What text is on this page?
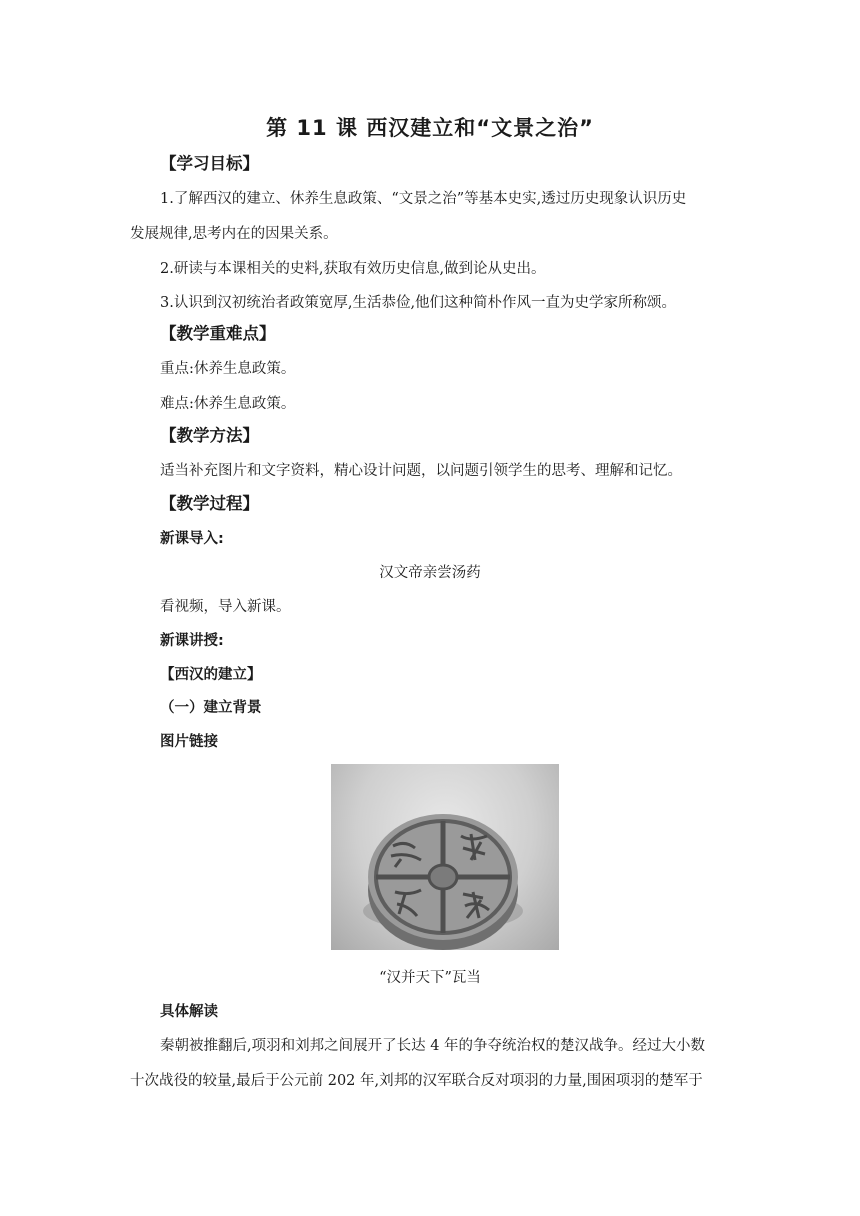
第 11 课 西汉建立和“文景之治”
【学习目标】
1.了解西汉的建立、休养生息政策、“文景之治”等基本史实,透过历史现象认识历史
发展规律,思考内在的因果关系。
2.研读与本课相关的史料,获取有效历史信息,做到论从史出。
3.认识到汉初统治者政策宽厚,生活恭俭,他们这种简朴作风一直为史学家所称颂。
【教学重难点】
重点:休养生息政策。
难点:休养生息政策。
【教学方法】
适当补充图片和文字资料，精心设计问题，以问题引领学生的思考、理解和记忆。
【教学过程】
新课导入:
汉文帝亲尝汤药
看视频，导入新课。
新课讲授:
【西汉的建立】
（一）建立背景
图片链接
“汉并天下”瓦当
具体解读
秦朝被推翻后,项羽和刘邦之间展开了长达 4 年的争夺统治权的楚汉战争。经过大小数
十次战役的较量,最后于公元前 202 年,刘邦的汉军联合反对项羽的力量,围困项羽的楚军于
